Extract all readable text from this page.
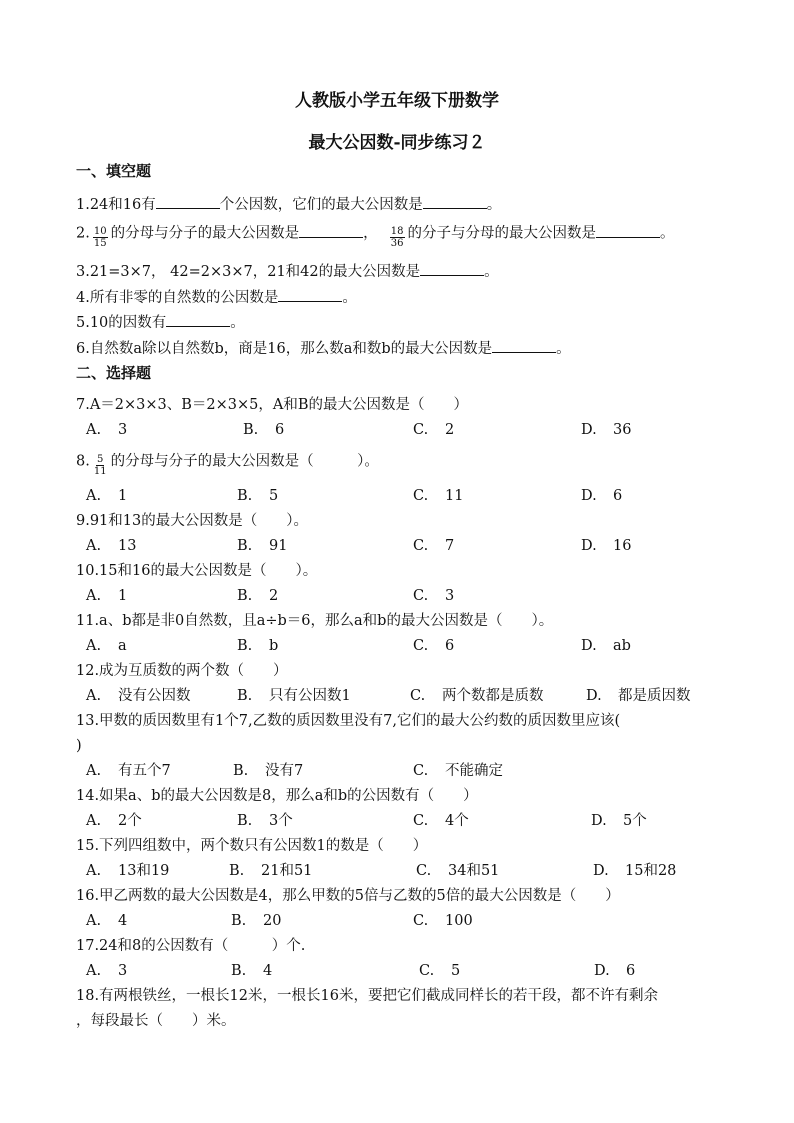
人教版小学五年级下册数学
最大公因数-同步练习２
一、填空题
1.24和16有	个公因数，它们的最大公因数是	。
2. $\frac{10}{15}$ 的分母与分子的最大公因数是	， $\frac{18}{36}$ 的分子与分母的最大公因数是	。
3.21=3×7， 42=2×3×7，21和42的最大公因数是	。
4.所有非零的自然数的公因数是	。
5.10的因数有	。
6.自然数a除以自然数b，商是16，那么数a和数b的最大公因数是	。
二、选择题
7.A＝2×3×3、B＝2×3×5，A和B的最大公因数是（　　）
A. 3	B. 6	C. 2	D. 36
8. $\frac{5}{11}$ 的分母与分子的最大公因数是（　　　）。
A. 1	B. 5	C. 11	D. 6
9.91和13的最大公因数是（　　）。
A. 13	B. 91	C. 7	D. 16
10.15和16的最大公因数是（　　）。
A. 1	B. 2	C. 3
11.a、b都是非0自然数，且a÷b＝6，那么a和b的最大公因数是（　　）。
A. a	B. b	C. 6	D. ab
12.成为互质数的两个数（　　）
A. 没有公因数	B. 只有公因数1	C. 两个数都是质数	D. 都是质因数
13.甲数的质因数里有1个7,乙数的质因数里没有7,它们的最大公约数的质因数里应该(
)
A. 有五个7	B. 没有7	C. 不能确定
14.如果a、b的最大公因数是8，那么a和b的公因数有（　　）
A. 2个	B. 3个	C. 4个	D. 5个
15.下列四组数中，两个数只有公因数1的数是（　　）
A. 13和19	B. 21和51	C. 34和51	D. 15和28
16.甲乙两数的最大公因数是4，那么甲数的5倍与乙数的5倍的最大公因数是（　　）
A. 4	B. 20	C. 100
17.24和8的公因数有（　　　）个.
A. 3	B. 4	C. 5	D. 6
18.有两根铁丝，一根长12米，一根长16米，要把它们截成同样长的若干段，都不许有剩余
，每段最长（　　）米。
